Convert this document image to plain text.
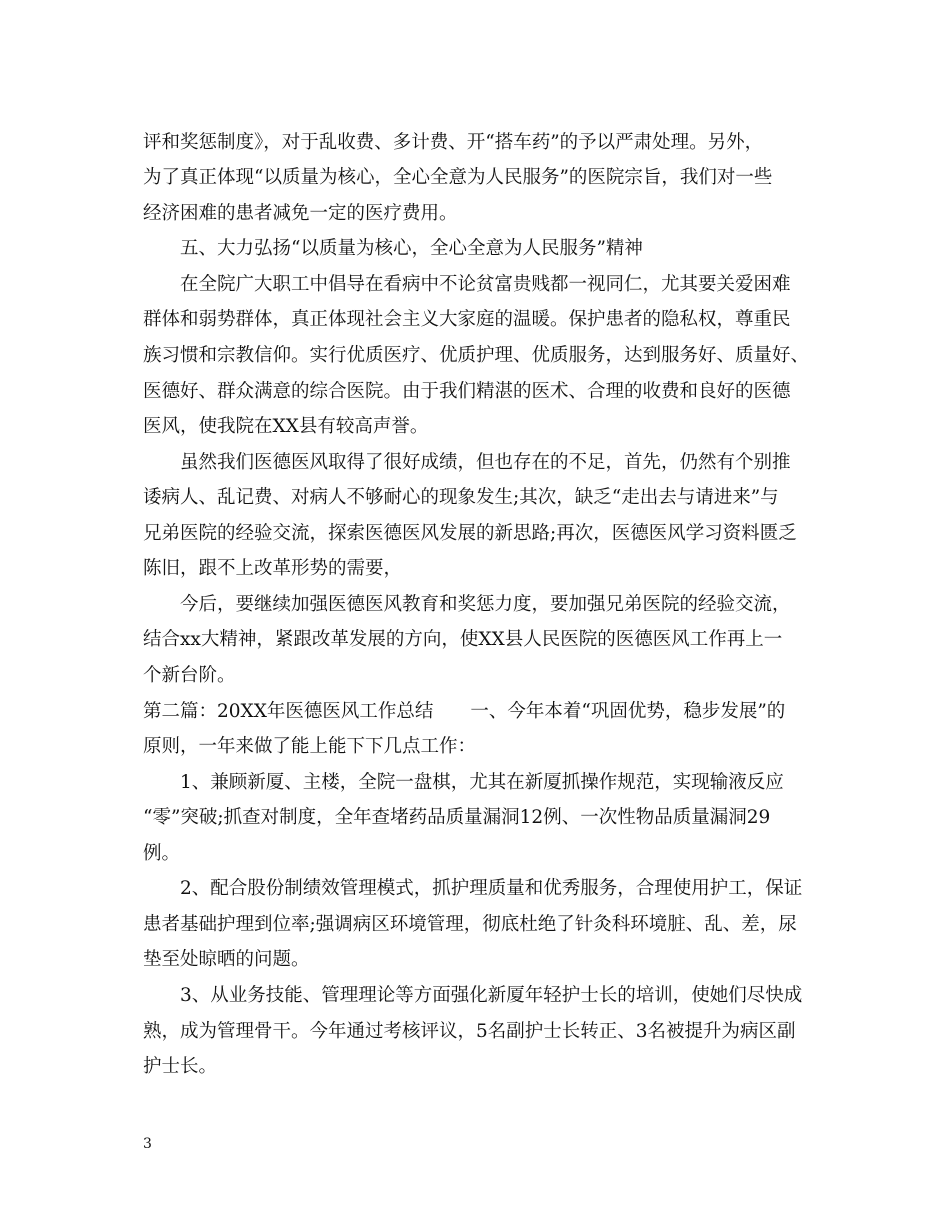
评和奖惩制度》，对于乱收费、多计费、开“搭车药”的予以严肃处理。另外，
为了真正体现“以质量为核心，全心全意为人民服务”的医院宗旨，我们对一些
经济困难的患者减免一定的医疗费用。
五、大力弘扬“以质量为核心，全心全意为人民服务”精神
在全院广大职工中倡导在看病中不论贫富贵贱都一视同仁，尤其要关爱困难
群体和弱势群体，真正体现社会主义大家庭的温暖。保护患者的隐私权，尊重民
族习惯和宗教信仰。实行优质医疗、优质护理、优质服务，达到服务好、质量好、
医德好、群众满意的综合医院。由于我们精湛的医术、合理的收费和良好的医德
医风，使我院在XX县有较高声誉。
虽然我们医德医风取得了很好成绩，但也存在的不足，首先，仍然有个别推
诿病人、乱记费、对病人不够耐心的现象发生;其次，缺乏“走出去与请进来”与
兄弟医院的经验交流，探索医德医风发展的新思路;再次，医德医风学习资料匮乏
陈旧，跟不上改革形势的需要，
今后，要继续加强医德医风教育和奖惩力度，要加强兄弟医院的经验交流，
结合xx大精神，紧跟改革发展的方向，使XX县人民医院的医德医风工作再上一
个新台阶。
第二篇：20XX年医德医风工作总结　　一、今年本着“巩固优势，稳步发展”的
原则，一年来做了能上能下下几点工作：
1、兼顾新厦、主楼，全院一盘棋，尤其在新厦抓操作规范，实现输液反应
“零”突破;抓查对制度，全年查堵药品质量漏洞12例、一次性物品质量漏洞29
例。
2、配合股份制绩效管理模式，抓护理质量和优秀服务，合理使用护工，保证
患者基础护理到位率;强调病区环境管理，彻底杜绝了针灸科环境脏、乱、差，尿
垫至处晾晒的问题。
3、从业务技能、管理理论等方面强化新厦年轻护士长的培训，使她们尽快成
熟，成为管理骨干。今年通过考核评议，5名副护士长转正、3名被提升为病区副
护士长。
3
